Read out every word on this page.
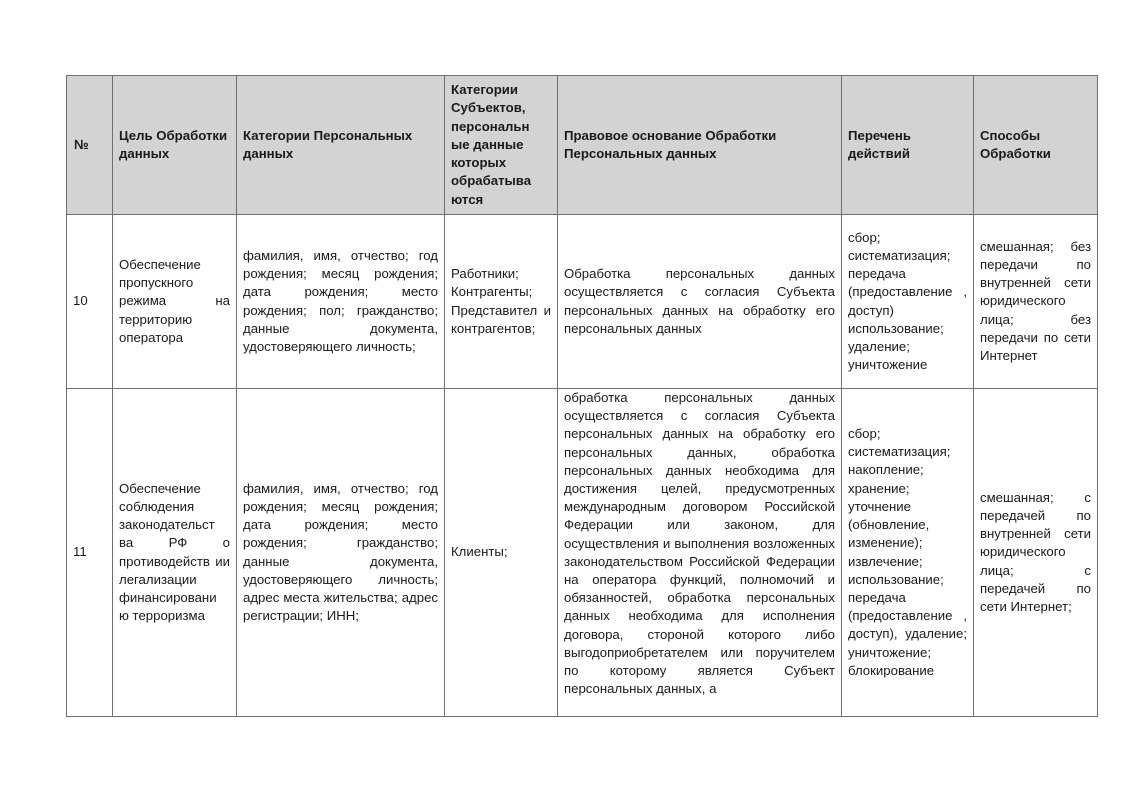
№	Цель Обработки данных	Категории Персональных данных	Категории Субъектов, персональн ые данные которых обрабатыва ются	Правовое основание Обработки Персональных данных	Перечень действий	Способы Обработки
10	Обеспечение пропускного режима на территорию оператора	фамилия, имя, отчество; год рождения; месяц рождения; дата рождения; место рождения; пол; гражданство; данные документа, удостоверяющего личность;	Работники; Контрагенты; Представител и контрагентов;	Обработка персональных данных осуществляется с согласия Субъекта персональных данных на обработку его персональных данных	сбор; систематизация; передача (предоставление , доступ) использование; удаление; уничтожение	смешанная; без передачи по внутренней сети юридического лица; без передачи по сети Интернет
11	Обеспечение соблюдения законодательст ва РФ о противодейств ии легализации финансировани ю терроризма	фамилия, имя, отчество; год рождения; месяц рождения; дата рождения; место рождения; гражданство; данные документа, удостоверяющего личность; адрес места жительства; адрес регистрации; ИНН;	Клиенты;	обработка персональных данных осуществляется с согласия Субъекта персональных данных на обработку его персональных данных, обработка персональных данных необходима для достижения целей, предусмотренных международным договором Российской Федерации или законом, для осуществления и выполнения возложенных законодательством Российской Федерации на оператора функций, полномочий и обязанностей, обработка персональных данных необходима для исполнения договора, стороной которого либо выгодоприобретателем или поручителем по которому является Субъект персональных данных, а	сбор; систематизация; накопление; хранение; уточнение (обновление, изменение); извлечение; использование; передача (предоставление , доступ), удаление; уничтожение; блокирование	смешанная; с передачей по внутренней сети юридического лица; с передачей по сети Интернет;
